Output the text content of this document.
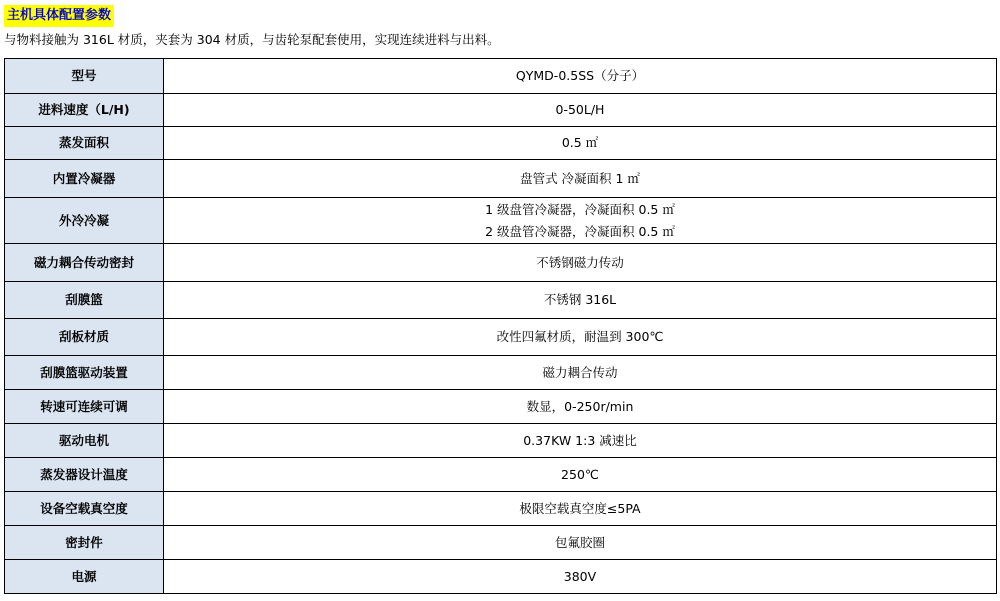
主机具体配置参数
与物料接触为 316L 材质，夹套为 304 材质，与齿轮泵配套使用，实现连续进料与出料。
型号	QYMD-0.5SS（分子）

进料速度（L/H)	0-50L/H

蒸发面积	0.5 ㎡

内置冷凝器	盘管式 冷凝面积 1 ㎡

外冷冷凝	1 级盘管冷凝器，冷凝面积 0.5 ㎡
2 级盘管冷凝器，冷凝面积 0.5 ㎡

磁力耦合传动密封	不锈钢磁力传动

刮膜篮	不锈钢 316L

刮板材质	改性四氟材质，耐温到 300℃

刮膜篮驱动装置	磁力耦合传动

转速可连续可调	数显，0-250r/min

驱动电机	0.37KW 1:3 减速比

蒸发器设计温度	250℃

设备空载真空度	极限空载真空度≤5PA

密封件	包氟胶圈

电源	380V
